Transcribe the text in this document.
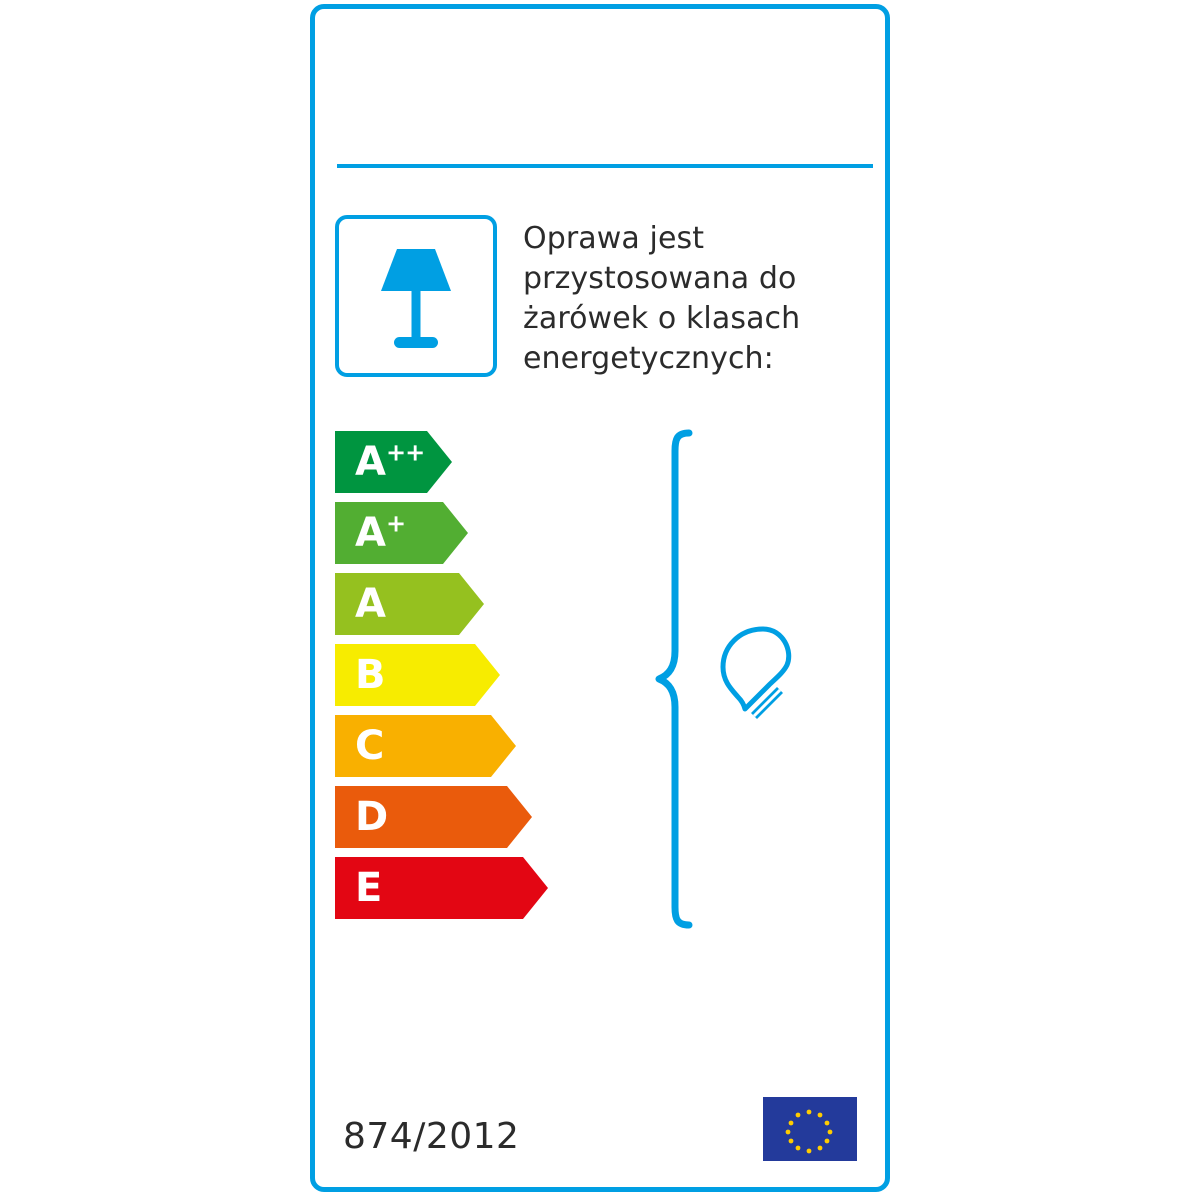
Oprawa jest przystosowana do żarówek o klasach energetycznych:
A++
A+
A
B
C
D
E
874/2012
